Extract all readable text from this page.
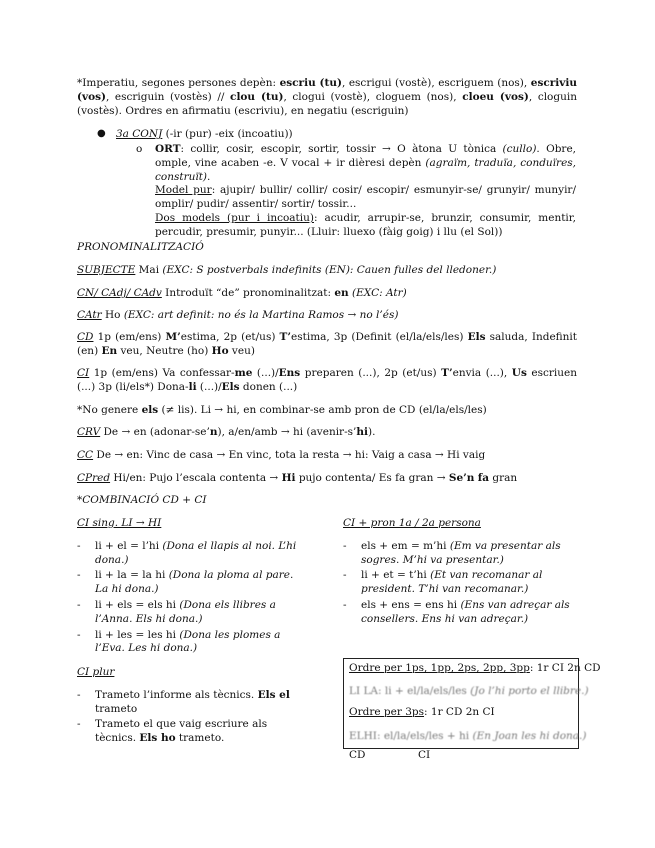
*Imperatiu, segones persones depèn: escriu (tu), escrigui (vostè), escriguem (nos), escriviu (vos), escriguin (vostès) // clou (tu), clogui (vostè), cloguem (nos), cloeu (vos), cloguin (vostès). Ordres en afirmatiu (escriviu), en negatiu (escriguin)
● 3a CONJ (-ir (pur) -eix (incoatiu))
o ORT: collir, cosir, escopir, sortir, tossir → O àtona U tònica (cullo). Obre, omple, vine acaben -e. V vocal + ir dièresi depèn (agraïm, traduïa, conduïres, construït).
Model pur: ajupir/ bullir/ collir/ cosir/ escopir/ esmunyir-se/ grunyir/ munyir/ omplir/ pudir/ assentir/ sortir/ tossir...
Dos models (pur i incoatiu): acudir, arrupir-se, brunzir, consumir, mentir, percudir, presumir, punyir... (Lluir: lluexo (fàig goig) i llu (el Sol))
PRONOMINALITZACIÓ
SUBJECTE Mai (EXC: S postverbals indefinits (EN): Cauen fulles del lledoner.)
CN/ CAdj/ CAdv Introduït “de” pronominalitzat: en (EXC: Atr)
CAtr Ho (EXC: art definit: no és la Martina Ramos → no l’és)
CD 1p (em/ens) M’estima, 2p (et/us) T’estima, 3p (Definit (el/la/els/les) Els saluda, Indefinit (en) En veu, Neutre (ho) Ho veu)
CI 1p (em/ens) Va confessar-me (...)/Ens preparen (...), 2p (et/us) T’envia (...), Us escriuen (...) 3p (li/els*) Dona-li (...)/Els donen (...)
*No genere els (≠ lis). Li → hi, en combinar-se amb pron de CD (el/la/els/les)
CRV De → en (adonar-se’n), a/en/amb → hi (avenir-s’hi).
CC De → en: Vinc de casa → En vinc, tota la resta → hi: Vaig a casa → Hi vaig
CPred Hi/en: Pujo l’escala contenta → Hi pujo contenta/ Es fa gran → Se’n fa gran
*COMBINACIÓ CD + CI
CI sing. LI → HI
- li + el = l’hi (Dona el llapis al noi. L’hi dona.)
- li + la = la hi (Dona la ploma al pare. La hi dona.)
- li + els = els hi (Dona els llibres a l’Anna. Els hi dona.)
- li + les = les hi (Dona les plomes a l’Eva. Les hi dona.)
CI plur
- Trameto l’informe als tècnics. Els el trameto
- Trameto el que vaig escriure als tècnics. Els ho trameto.
CI + pron 1a / 2a persona
- els + em = m’hi (Em va presentar als sogres. M’hi va presentar.)
- li + et = t’hi (Et van recomanar al president. T’hi van recomanar.)
- els + ens = ens hi (Ens van adreçar als consellers. Ens hi van adreçar.)

Ordre per 1ps, 1pp, 2ps, 2pp, 3pp: 1r CI 2n CD

LI LA: li + el/la/els/les (Jo l’hi porto el llibre.)

Ordre per 3ps: 1r CD 2n CI

ELHI: el/la/els/les + hi (En Joan les hi dona.)

CD	CI
